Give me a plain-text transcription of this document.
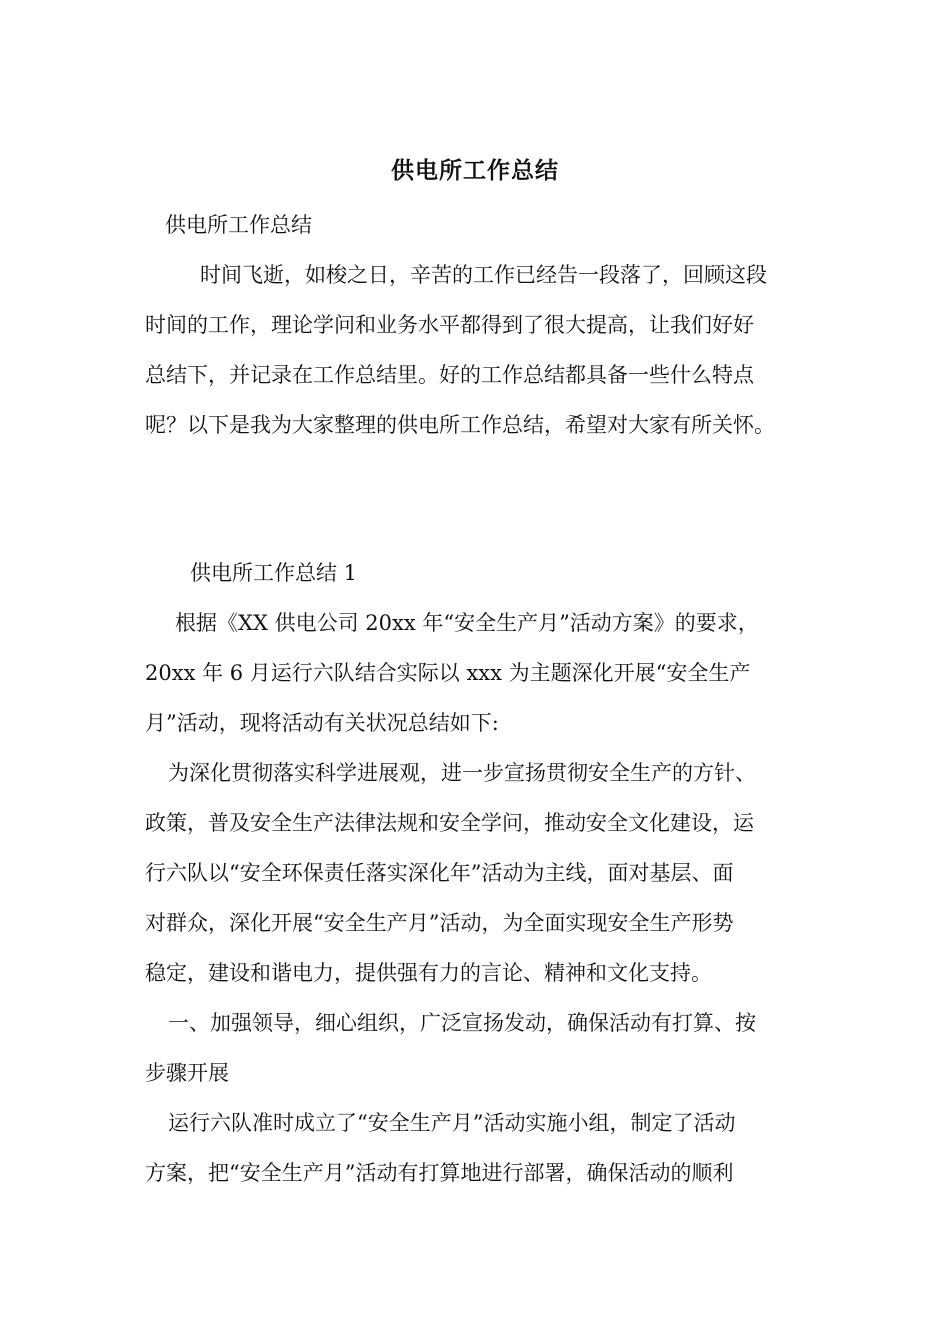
供电所工作总结

供电所工作总结

时间飞逝，如梭之日，辛苦的工作已经告一段落了，回顾这段

时间的工作，理论学问和业务水平都得到了很大提高，让我们好好

总结下，并记录在工作总结里。好的工作总结都具备一些什么特点

呢？以下是我为大家整理的供电所工作总结，希望对大家有所关怀。

供电所工作总结 1

根据《XX 供电公司 20xx 年“安全生产月”活动方案》的要求，

20xx 年 6 月运行六队结合实际以 xxx 为主题深化开展“安全生产

月”活动，现将活动有关状况总结如下:

为深化贯彻落实科学进展观，进一步宣扬贯彻安全生产的方针、

政策，普及安全生产法律法规和安全学问，推动安全文化建设，运

行六队以“安全环保责任落实深化年”活动为主线，面对基层、面

对群众，深化开展“安全生产月”活动，为全面实现安全生产形势

稳定，建设和谐电力，提供强有力的言论、精神和文化支持。

一、加强领导，细心组织，广泛宣扬发动，确保活动有打算、按

步骤开展

运行六队准时成立了“安全生产月”活动实施小组，制定了活动

方案，把“安全生产月”活动有打算地进行部署，确保活动的顺利
